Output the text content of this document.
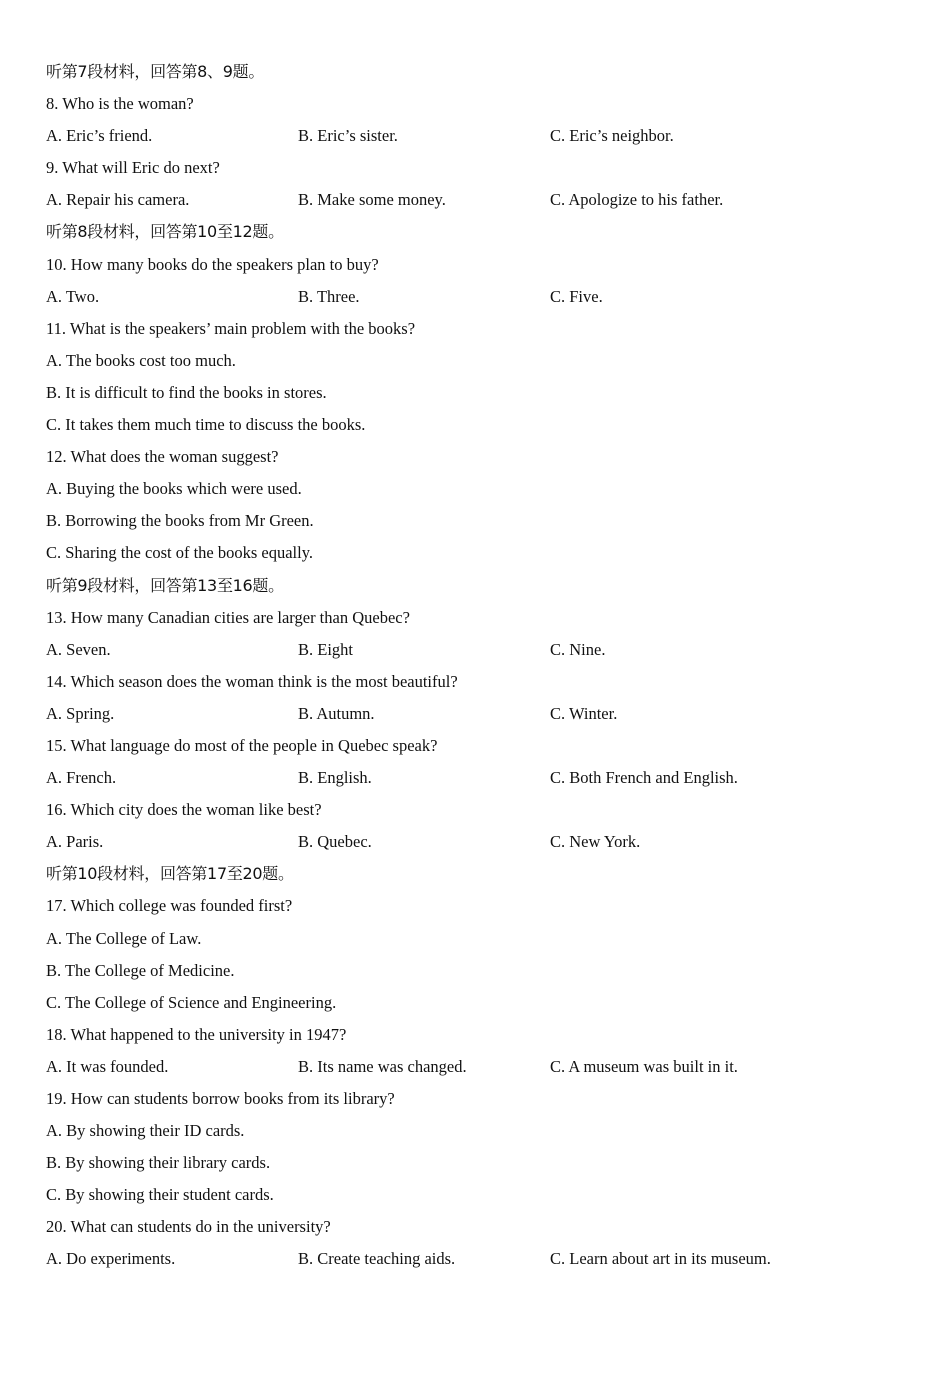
听第7段材料，回答第8、9题。
8. Who is the woman?
A. Eric’s friend.	B. Eric’s sister.	C. Eric’s neighbor.
9. What will Eric do next?
A. Repair his camera.	B. Make some money.	C. Apologize to his father.
听第8段材料，回答第10至12题。
10. How many books do the speakers plan to buy?
A. Two.	B. Three.	C. Five.
11. What is the speakers’ main problem with the books?
A. The books cost too much.
B. It is difficult to find the books in stores.
C. It takes them much time to discuss the books.
12. What does the woman suggest?
A. Buying the books which were used.
B. Borrowing the books from Mr Green.
C. Sharing the cost of the books equally.
听第9段材料，回答第13至16题。
13. How many Canadian cities are larger than Quebec?
A. Seven.	B. Eight	C. Nine.
14. Which season does the woman think is the most beautiful?
A. Spring.	B. Autumn.	C. Winter.
15. What language do most of the people in Quebec speak?
A. French.	B. English.	C. Both French and English.
16. Which city does the woman like best?
A. Paris.	B. Quebec.	C. New York.
听第10段材料，回答第17至20题。
17. Which college was founded first?
A. The College of Law.
B. The College of Medicine.
C. The College of Science and Engineering.
18. What happened to the university in 1947?
A. It was founded.	B. Its name was changed.	C. A museum was built in it.
19. How can students borrow books from its library?
A. By showing their ID cards.
B. By showing their library cards.
C. By showing their student cards.
20. What can students do in the university?
A. Do experiments.	B. Create teaching aids.	C. Learn about art in its museum.
